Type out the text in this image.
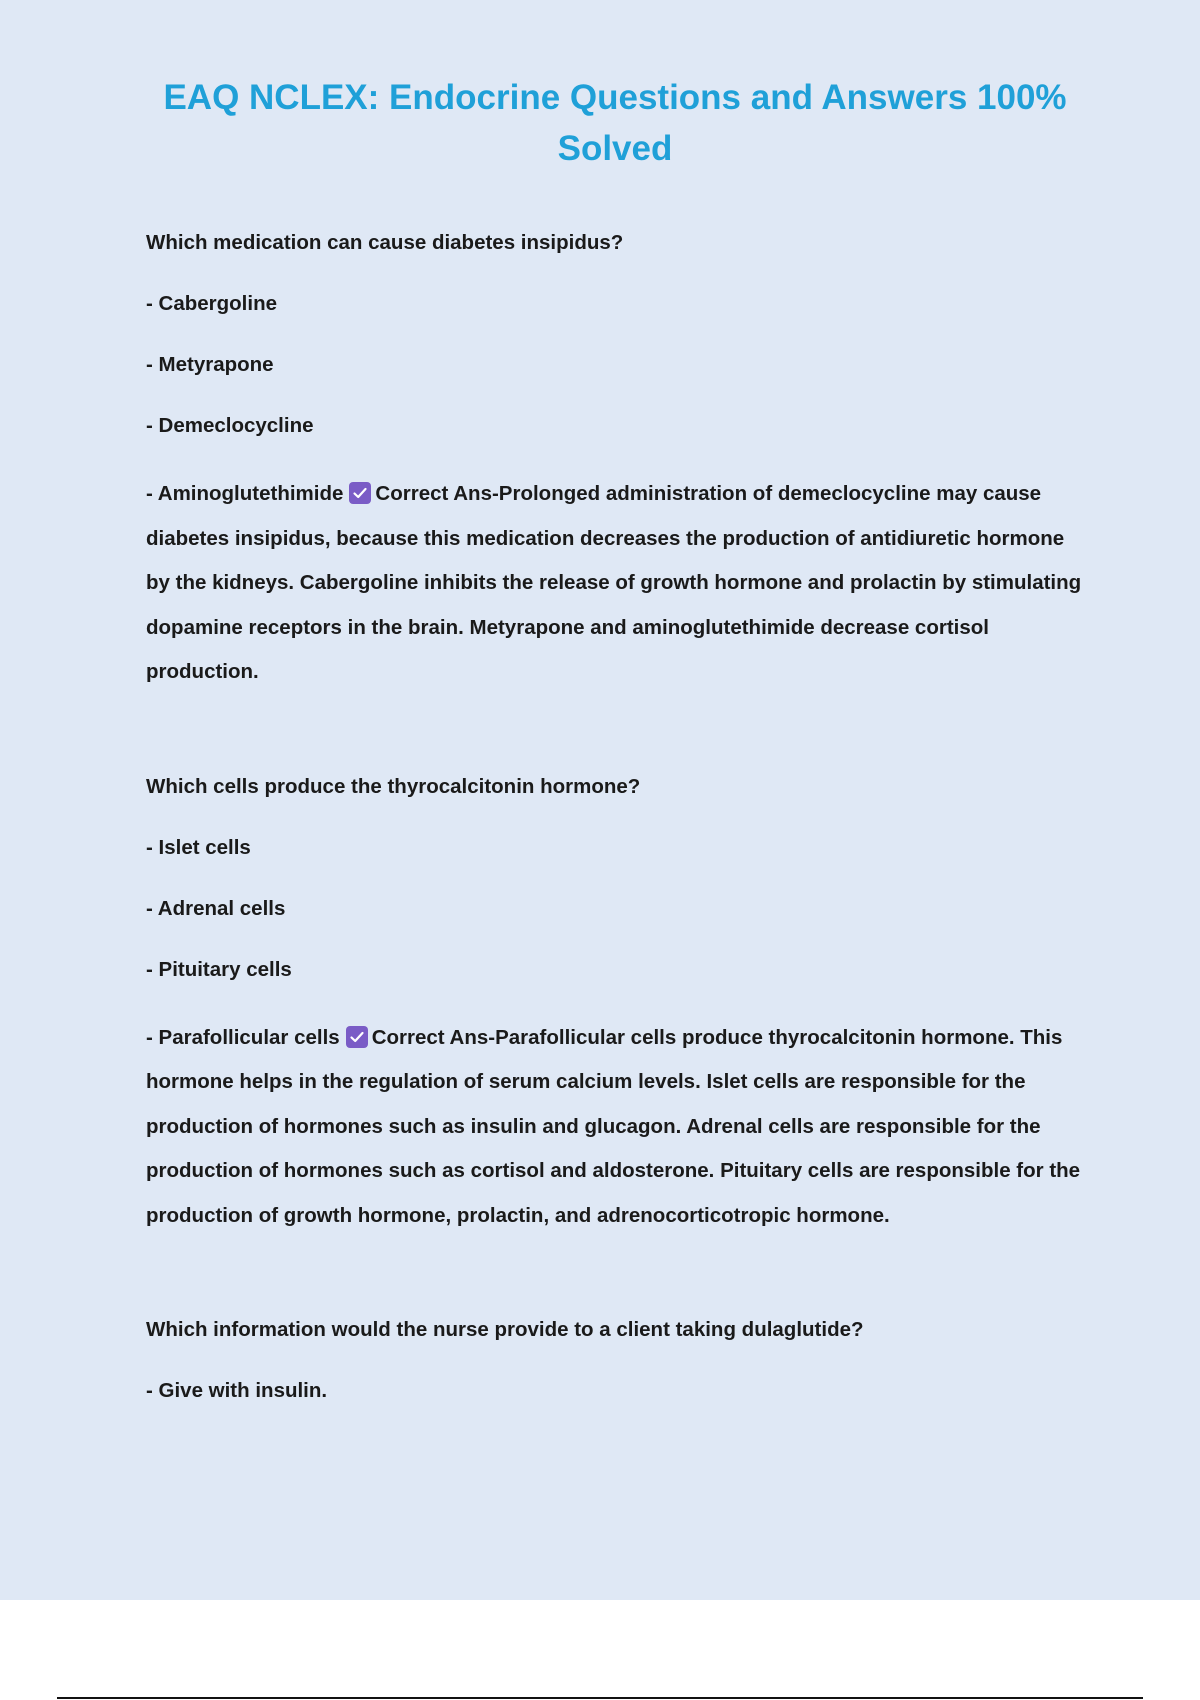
EAQ NCLEX: Endocrine Questions and Answers 100% Solved

Which medication can cause diabetes insipidus?

- Cabergoline

- Metyrapone

- Demeclocycline

- Aminoglutethimide Correct Ans-Prolonged administration of demeclocycline may cause diabetes insipidus, because this medication decreases the production of antidiuretic hormone by the kidneys. Cabergoline inhibits the release of growth hormone and prolactin by stimulating dopamine receptors in the brain. Metyrapone and aminoglutethimide decrease cortisol production.

Which cells produce the thyrocalcitonin hormone?

- Islet cells

- Adrenal cells

- Pituitary cells

- Parafollicular cells Correct Ans-Parafollicular cells produce thyrocalcitonin hormone. This hormone helps in the regulation of serum calcium levels. Islet cells are responsible for the production of hormones such as insulin and glucagon. Adrenal cells are responsible for the production of hormones such as cortisol and aldosterone. Pituitary cells are responsible for the production of growth hormone, prolactin, and adrenocorticotropic hormone.

Which information would the nurse provide to a client taking dulaglutide?

- Give with insulin.
